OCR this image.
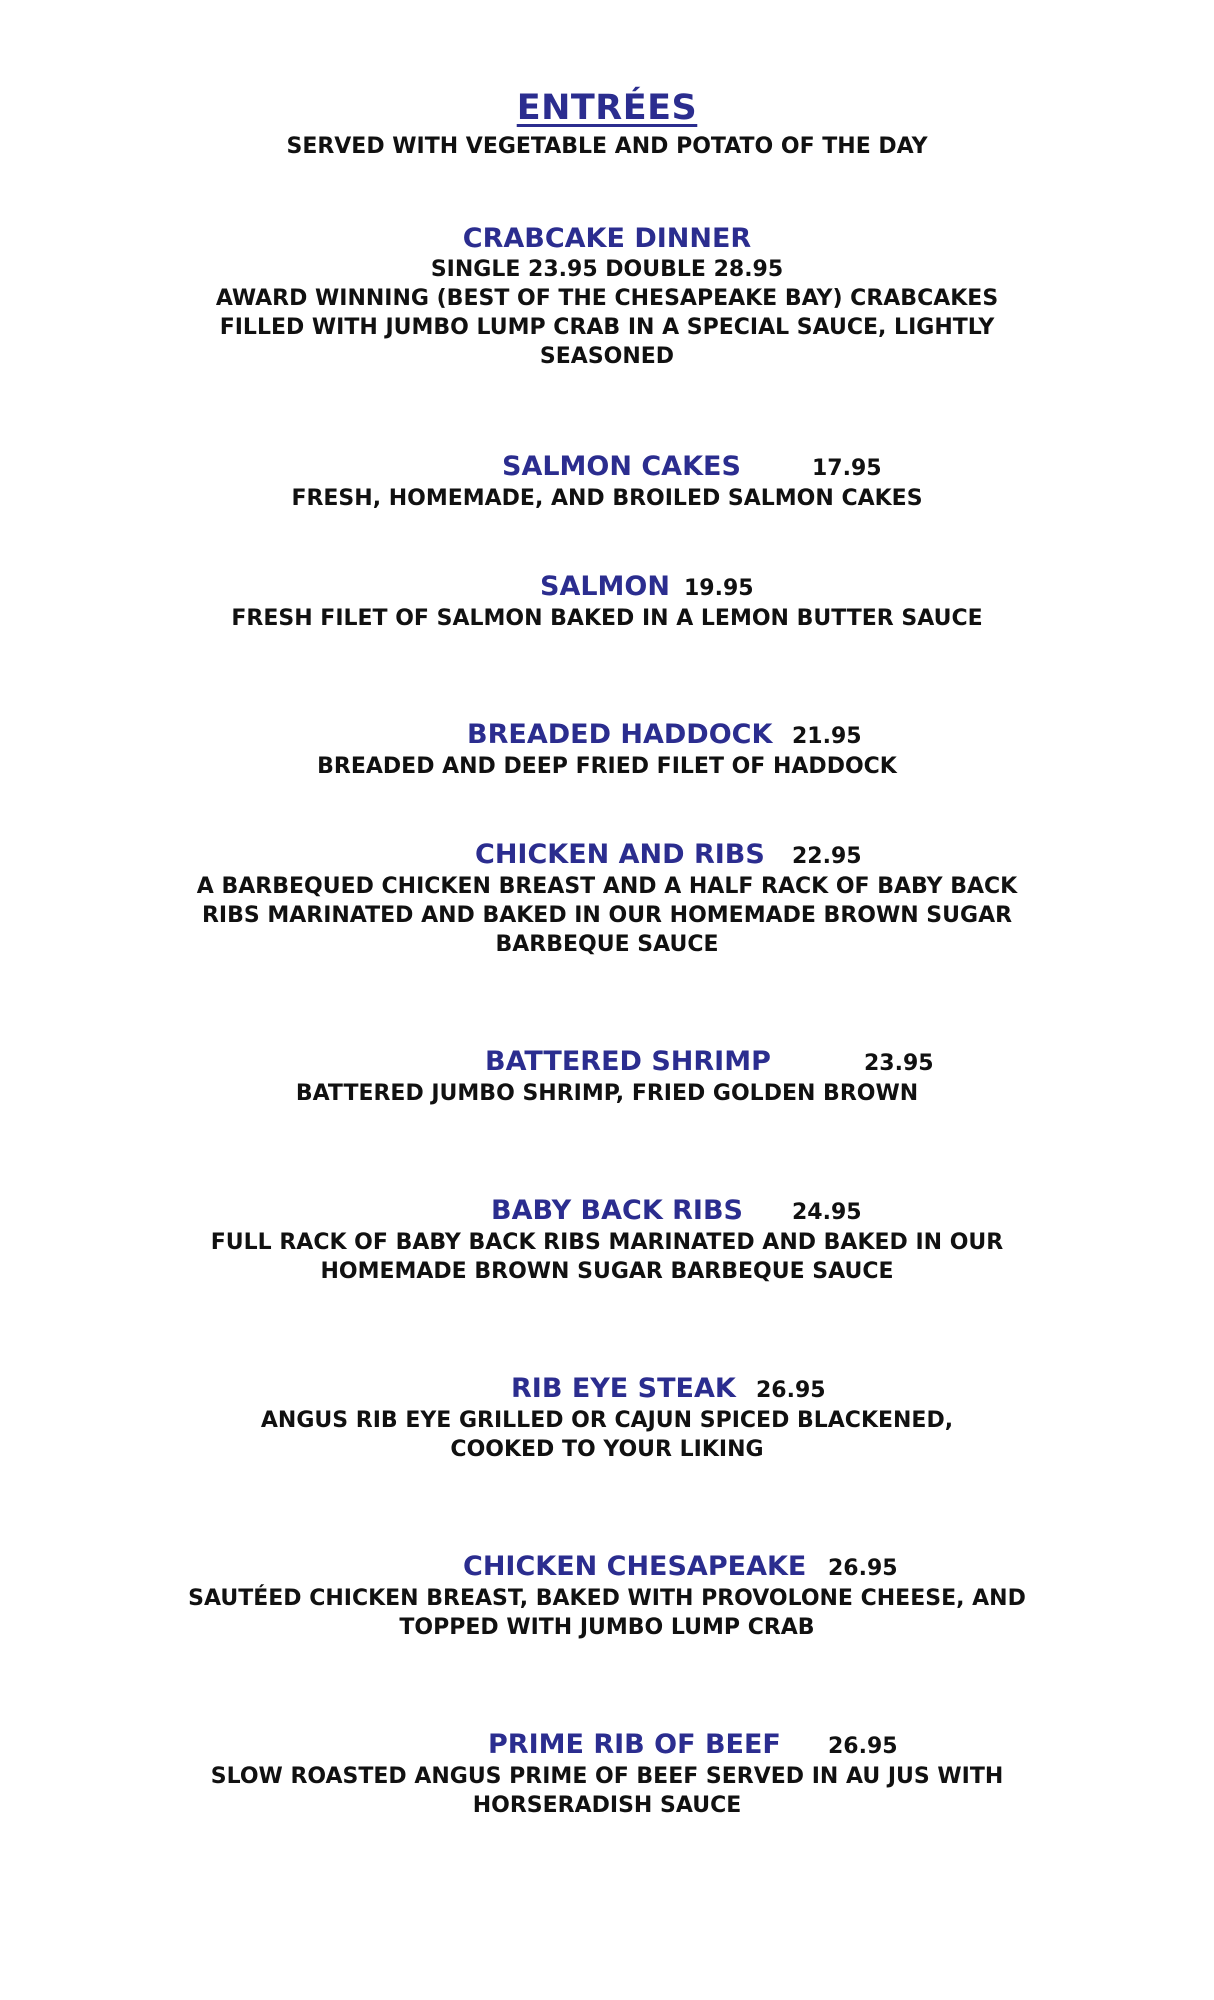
ENTRÉES

SERVED WITH VEGETABLE AND POTATO OF THE DAY

CRABCAKE DINNER
SINGLE 23.95 DOUBLE 28.95

AWARD WINNING (BEST OF THE CHESAPEAKE BAY) CRABCAKES FILLED WITH JUMBO LUMP CRAB IN A SPECIAL SAUCE, LIGHTLY SEASONED

SALMON CAKES	17.95

FRESH, HOMEMADE, AND BROILED SALMON CAKES

SALMON 19.95

FRESH FILET OF SALMON BAKED IN A LEMON BUTTER SAUCE

BREADED HADDOCK 21.95

BREADED AND DEEP FRIED FILET OF HADDOCK

CHICKEN AND RIBS 22.95

A BARBEQUED CHICKEN BREAST AND A HALF RACK OF BABY BACK RIBS MARINATED AND BAKED IN OUR HOMEMADE BROWN SUGAR BARBEQUE SAUCE

BATTERED SHRIMP	23.95

BATTERED JUMBO SHRIMP, FRIED GOLDEN BROWN

BABY BACK RIBS 24.95

FULL RACK OF BABY BACK RIBS MARINATED AND BAKED IN OUR HOMEMADE BROWN SUGAR BARBEQUE SAUCE

RIB EYE STEAK 26.95

ANGUS RIB EYE GRILLED OR CAJUN SPICED BLACKENED, COOKED TO YOUR LIKING

CHICKEN CHESAPEAKE 26.95

SAUTÉED CHICKEN BREAST, BAKED WITH PROVOLONE CHEESE, AND TOPPED WITH JUMBO LUMP CRAB

PRIME RIB OF BEEF 26.95

SLOW ROASTED ANGUS PRIME OF BEEF SERVED IN AU JUS WITH HORSERADISH SAUCE
